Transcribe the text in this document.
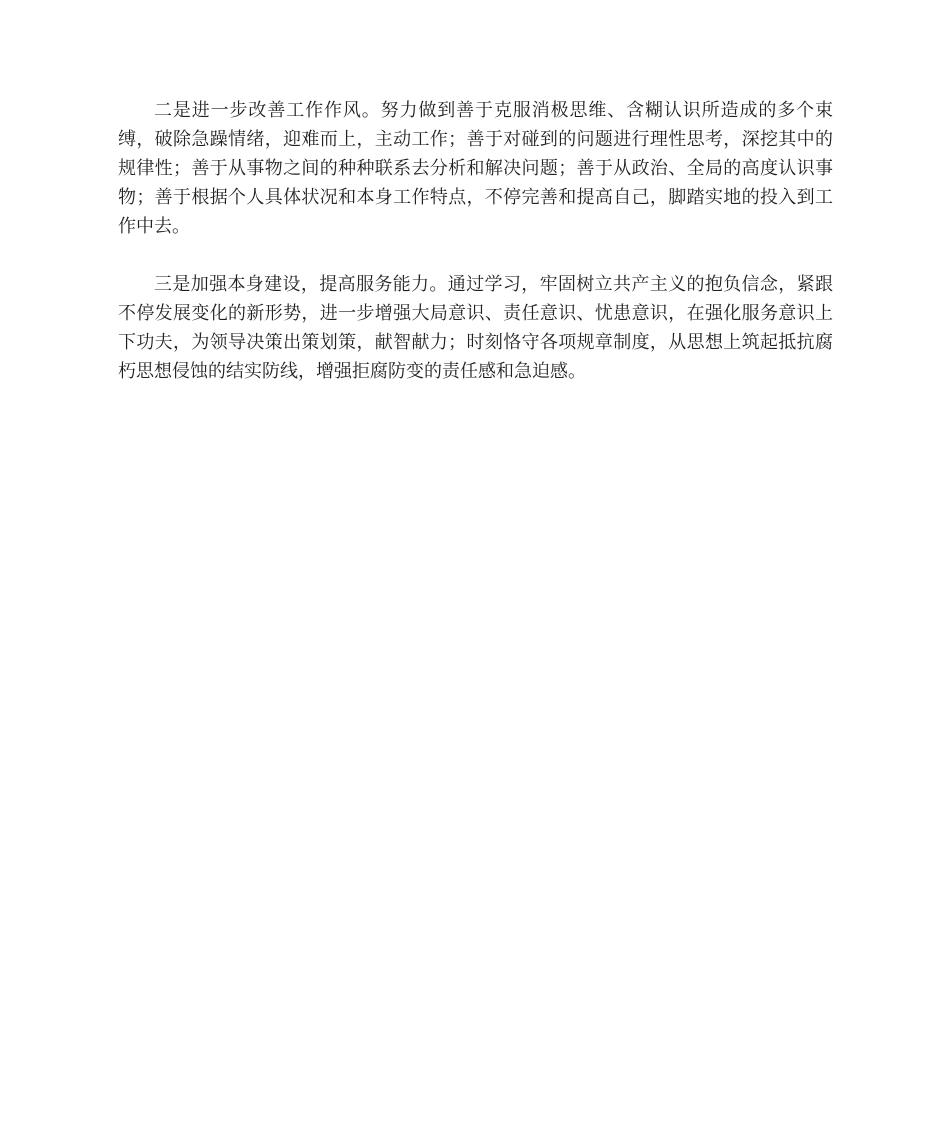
二是进一步改善工作作风。努力做到善于克服消极思维、含糊认识所造成的多个束缚，破除急躁情绪，迎难而上，主动工作；善于对碰到的问题进行理性思考，深挖其中的规律性；善于从事物之间的种种联系去分析和解决问题；善于从政治、全局的高度认识事物；善于根据个人具体状况和本身工作特点，不停完善和提高自己，脚踏实地的投入到工作中去。

三是加强本身建设，提高服务能力。通过学习，牢固树立共产主义的抱负信念，紧跟不停发展变化的新形势，进一步增强大局意识、责任意识、忧患意识，在强化服务意识上下功夫，为领导决策出策划策，献智献力；时刻恪守各项规章制度，从思想上筑起抵抗腐朽思想侵蚀的结实防线，增强拒腐防变的责任感和急迫感。
